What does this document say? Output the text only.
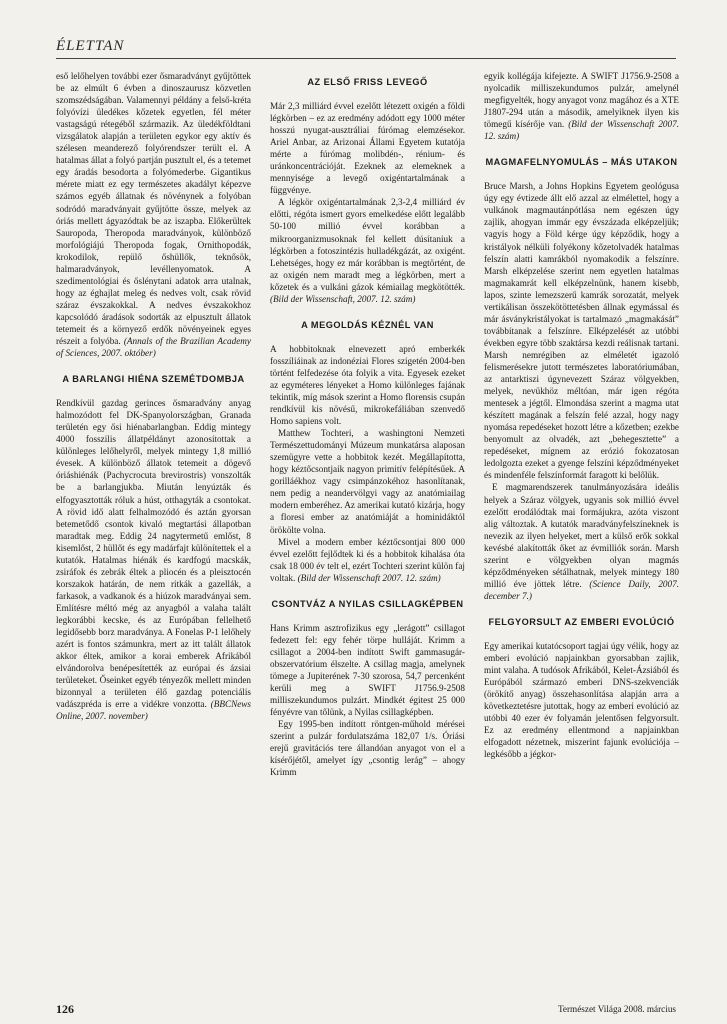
ÉLETTAN

eső lelőhelyen további ezer ősmaradványt gyűjtöttek be az elmúlt 6 évben a dinoszaurusz közvetlen szomszédságában. Valamennyi példány a felső-kréta folyóvízi üledékes kőzetek egyetlen, fél méter vastagságú rétegéből származik. Az üledékföldtani vizsgálatok alapján a területen egykor egy aktív és szélesen meanderező folyórendszer terült el. A hatalmas állat a folyó partján pusztult el, és a tetemet egy áradás besodorta a folyómederbe. Gigantikus mérete miatt ez egy természetes akadályt képezve számos egyéb állatnak és növénynek a folyóban sodródó maradványait gyűjtötte össze, melyek az óriás mellett ágyazódtak be az iszapba. Előkerültek Sauropoda, Theropoda maradványok, különböző morfológiájú Theropoda fogak, Ornithopodák, krokodilok, repülő őshüllők, teknősök, halmaradványok, levéllenyomatok. A szedimentológiai és őslénytani adatok arra utalnak, hogy az éghajlat meleg és nedves volt, csak rövid száraz évszakokkal. A nedves évszakokhoz kapcsolódó áradások sodorták az elpusztult állatok tetemeit és a környező erdők növényeinek egyes részeit a folyóba. (Annals of the Brazilian Academy of Sciences, 2007. október)

A BARLANGI HIÉNA SZEMÉTDOMBJA

Rendkívül gazdag gerinces ősmaradvány anyag halmozódott fel DK-Spanyolországban, Granada területén egy ősi hiénabarlangban. Eddig mintegy 4000 fosszilis állatpéldányt azonosítottak a különleges lelőhelyről, melyek mintegy 1,8 millió évesek. A különböző állatok tetemeit a dögevő óriáshiénák (Pachycrocuta brevirostris) vonszolták be a barlangjukba. Miután lenyúzták és elfogyasztották róluk a húst, otthagyták a csontokat. A rövid idő alatt felhalmozódó és aztán gyorsan betemetődő csontok kivaló megtartási állapotban maradtak meg. Eddig 24 nagytermetű emlőst, 8 kisemlőst, 2 hüllőt és egy madárfajt különítettek el a kutatók. Hatalmas hiénák és kardfogú macskák, zsiráfok és zebrák éltek a pliocén és a pleisztocén korszakok határán, de nem ritkák a gazellák, a farkasok, a vadkanok és a hiúzok maradványai sem. Említésre méltó még az anyagból a valaha talált legkorábbi kecske, és az Európában fellelhető legidősebb borz maradványa. A Fonelas P-1 lelőhely azért is fontos számunkra, mert az itt talált állatok akkor éltek, amikor a korai emberek Afrikából elvándorolva benépesítették az európai és ázsiai területeket. Őseinket egyéb tényezők mellett minden bizonnyal a területen élő gazdag potenciális vadászpréda is erre a vidékre vonzotta. (BBCNews Online, 2007. november)

AZ ELSŐ FRISS LEVEGŐ

Már 2,3 milliárd évvel ezelőtt létezett oxigén a földi légkörben – ez az eredmény adódott egy 1000 méter hosszú nyugat-ausztráliai fúrómag elemzésekor. Ariel Anbar, az Arizonai Állami Egyetem kutatója mérte a fúrómag molibdén-, rénium- és uránkoncentrációját. Ezeknek az elemeknek a mennyisége a levegő oxigéntartalmának a függvénye.

A légkör oxigéntartalmának 2,3-2,4 milliárd év előtti, régóta ismert gyors emelkedése előtt legalább 50-100 millió évvel korábban a mikroorganizmusoknak fel kellett dúsítaniuk a légkörben a fotoszintézis hulladékgázát, az oxigént. Lehetséges, hogy ez már korábban is megtörtént, de az oxigén nem maradt meg a légkörben, mert a kőzetek és a vulkáni gázok kémiailag megkötötték. (Bild der Wissenschaft, 2007. 12. szám)

A MEGOLDÁS KÉZNÉL VAN

A hobbitoknak elnevezett apró emberkék fosszíliáinak az indonéziai Flores szigetén 2004-ben történt felfedezése óta folyik a vita. Egyesek ezeket az egyméteres lényeket a Homo különleges fajának tekintik, míg mások szerint a Homo florensis csupán rendkívül kis növésű, mikrokefáliában szenvedő Homo sapiens volt.

Matthew Tochteri, a washingtoni Nemzeti Természettudományi Múzeum munkatársa alaposan szemügyre vette a hobbitok kezét. Megállapította, hogy kéztőcsontjaik nagyon primitív felépítésűek. A gorilláékhoz vagy csimpánzokéhoz hasonlítanak, nem pedig a neandervölgyi vagy az anatómiailag modern emberéhez. Az amerikai kutató kizárja, hogy a floresi ember az anatómiáját a hominidáktól örökölte volna.

Mivel a modern ember kéztőcsontjai 800 000 évvel ezelőtt fejlődtek ki és a hobbitok kihalása óta csak 18 000 év telt el, ezért Tochteri szerint külön faj voltak. (Bild der Wissenschaft 2007. 12. szám)

CSONTVÁZ A NYILAS CSILLAGKÉPBEN

Hans Krimm asztrofizikus egy „lerágott” csillagot fedezett fel: egy fehér törpe hulláját. Krimm a csillagot a 2004-ben indított Swift gammasugár-obszervatórium élszelte. A csillag magja, amelynek tömege a Jupiterének 7-30 szorosa, 54,7 percenként kerüli meg a SWIFT J1756.9-2508 milliszekundumos pulzárt. Mindkét égitest 25 000 fényévre van tőlünk, a Nyilas csillagképben.

Egy 1995-ben indított röntgen-műhold mérései szerint a pulzár fordulatszáma 182,07 1/s. Óriási erejű gravitációs tere állandóan anyagot von el a kísérőjétől, amelyet így „csontig lerág” – ahogy Krimm

egyik kollégája kifejezte. A SWIFT J1756.9-2508 a nyolcadik milliszekundumos pulzár, amelynél megfigyelték, hogy anyagot vonz magához és a XTE J1807-294 után a második, amelyiknek ilyen kis tömegű kísérője van. (Bild der Wissenschaft 2007. 12. szám)

MAGMAFELNYOMULÁS – MÁS UTAKON

Bruce Marsh, a Johns Hopkins Egyetem geológusa úgy egy évtizede állt elő azzal az elmélettel, hogy a vulkánok magmautánpótlása nem egészen úgy zajlik, ahogyan immár egy évszázada elképzeljük; vagyis hogy a Föld kérge úgy képződik, hogy a kristályok nélküli folyékony kőzetolvadék hatalmas felszín alatti kamrákból nyomakodik a felszínre. Marsh elképzelése szerint nem egyetlen hatalmas magmakamrát kell elképzelnünk, hanem kisebb, lapos, szinte lemezszerű kamrák sorozatát, melyek vertikálisan összekötöttetésben állnak egymással és már ásványkristályokat is tartalmazó „magmakását” továbbítanak a felszínre. Elképzelését az utóbbi években egyre több szaktársa kezdi reálisnak tartani. Marsh nemrégiben az elméletét igazoló felismerésekre jutott természetes laboratóriumában, az antarktiszi úgynevezett Száraz völgyekben, melyek, nevükhöz méltóan, már igen régóta mentesek a jégtől. Elmondása szerint a magma utat készített magának a felszín felé azzal, hogy nagy nyomása repedéseket hozott létre a kőzetben; ezekbe benyomult az olvadék, azt „behegesztette” a repedéseket, mígnem az erózió fokozatosan ledolgozta ezeket a gyenge felszíni képződményeket és mindenféle felszínformát faragott ki belőlük.

E magmarendszerek tanulmányozására ideális helyek a Száraz völgyek, ugyanis sok millió évvel ezelőtt erodálódtak mai formájukra, azóta viszont alig változtak. A kutatók maradványfelszíneknek is nevezik az ilyen helyeket, mert a külső erők sokkal kevésbé alakították őket az évmilliók során. Marsh szerint e völgyekben olyan magmás képződményeken sétálhatnak, melyek mintegy 180 millió éve jöttek létre. (Science Daily, 2007. december 7.)

FELGYORSULT AZ EMBERI EVOLÚCIÓ

Egy amerikai kutatócsoport tagjai úgy vélik, hogy az emberi evolúció napjainkban gyorsabban zajlik, mint valaha. A tudósok Afrikából, Kelet-Ázsiából és Európából származó emberi DNS-szekvenciák (örökítő anyag) összehasonlítása alapján arra a következtetésre jutottak, hogy az emberi evolúció az utóbbi 40 ezer év folyamán jelentősen felgyorsult. Ez az eredmény ellentmond a napjainkban elfogadott nézetnek, miszerint fajunk evolúciója – legkésőbb a jégkor-

126	Természet Világa 2008. március
